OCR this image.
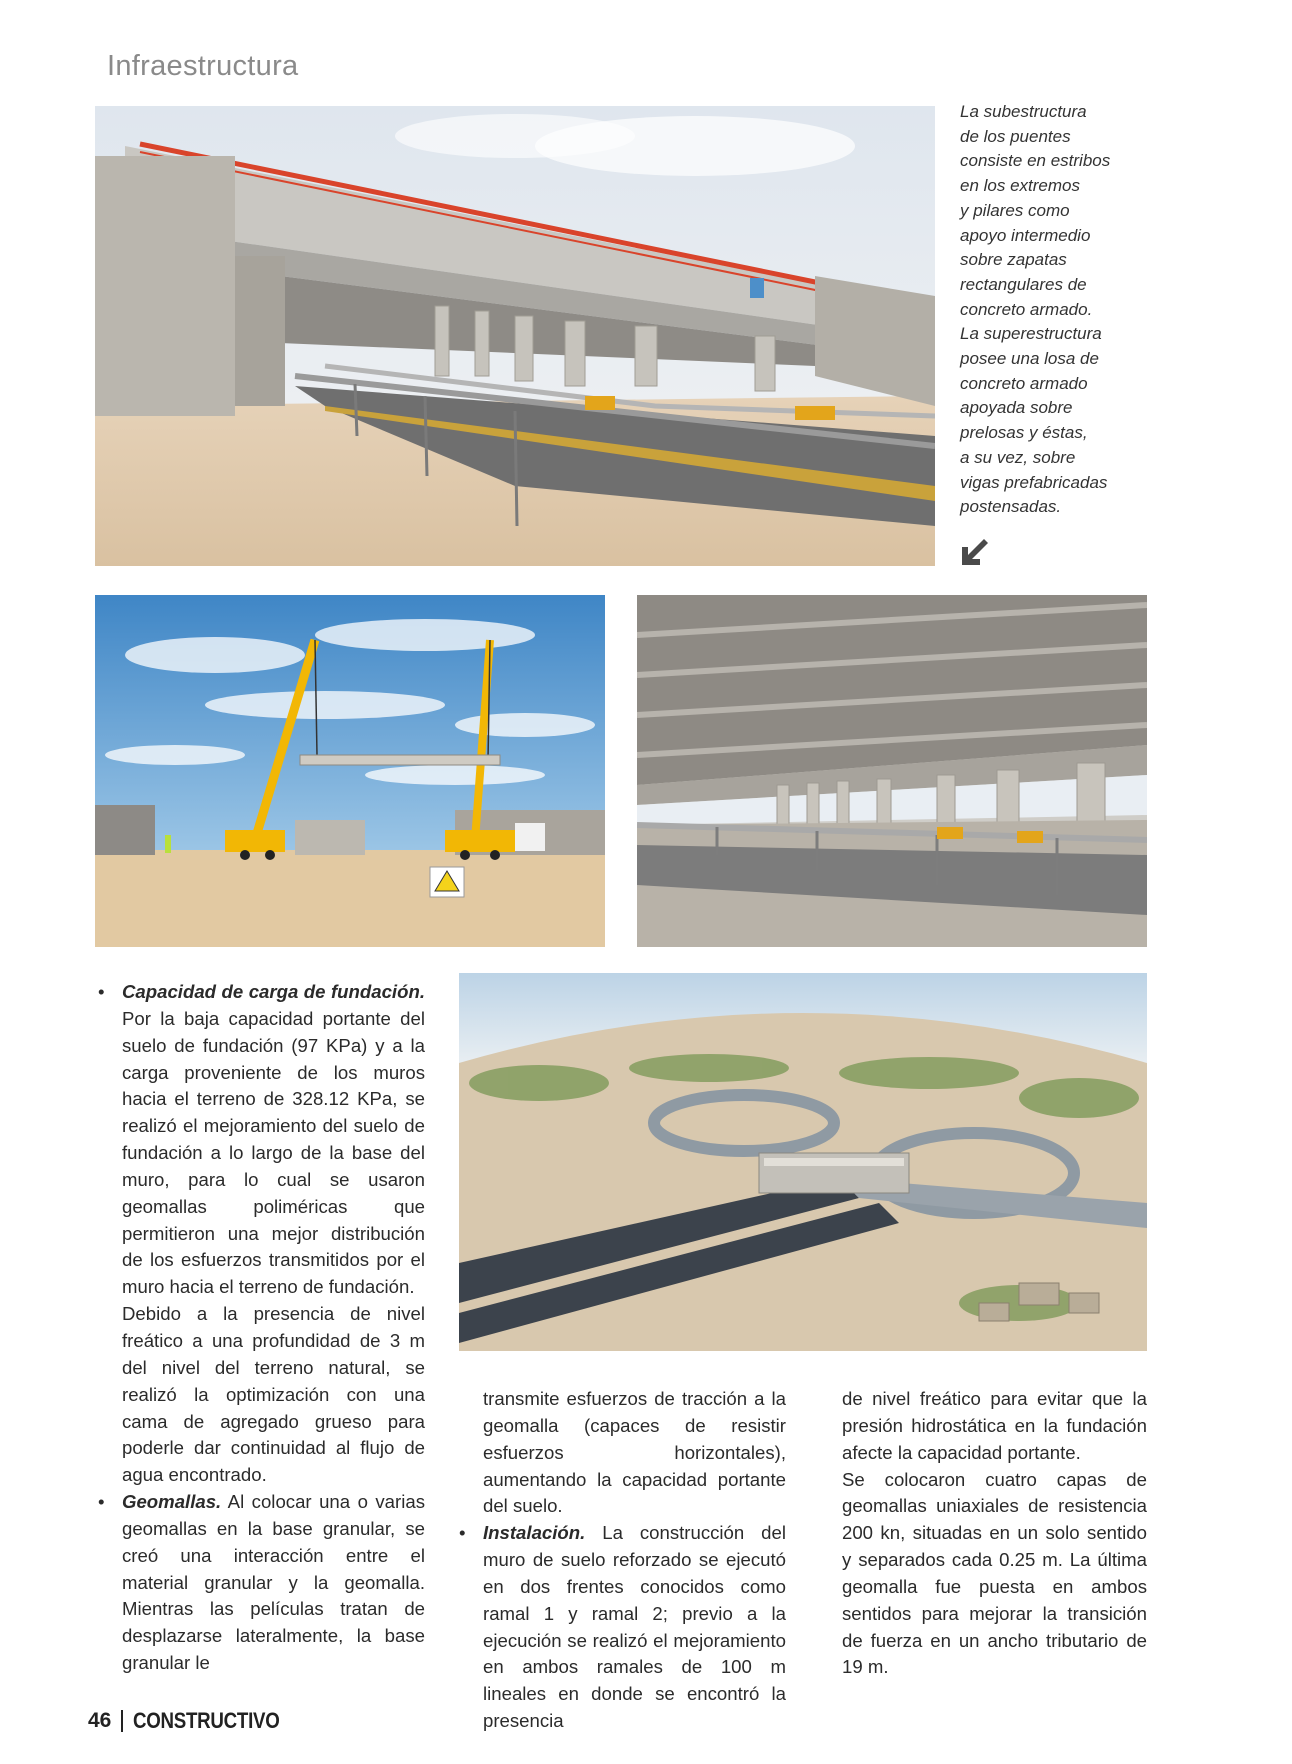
Infraestructura
La subestructura
de los puentes
consiste en estribos
en los extremos
y pilares como
apoyo intermedio
sobre zapatas
rectangulares de
concreto armado.
La superestructura
posee una losa de
concreto armado
apoyada sobre
prelosas y éstas,
a su vez, sobre
vigas prefabricadas
postensadas.

• Capacidad de carga de fundación. Por la baja capacidad portante del suelo de fundación (97 KPa) y a la carga proveniente de los muros hacia el terreno de 328.12 KPa, se realizó el mejoramiento del suelo de fundación a lo largo de la base del muro, para lo cual se usaron geomallas poliméricas que permitieron una mejor distribución de los esfuerzos transmitidos por el muro hacia el terreno de fundación.

Debido a la presencia de nivel freático a una profundidad de 3 m del nivel del terreno natural, se realizó la optimización con una cama de agregado grueso para poderle dar continuidad al flujo de agua encontrado.

• Geomallas. Al colocar una o varias geomallas en la base granular, se creó una interacción entre el material granular y la geomalla. Mientras las películas tratan de desplazarse lateralmente, la base granular le

transmite esfuerzos de tracción a la geomalla (capaces de resistir esfuerzos horizontales), aumentando la capacidad portante del suelo.

• Instalación. La construcción del muro de suelo reforzado se ejecutó en dos frentes conocidos como ramal 1 y ramal 2; previo a la ejecución se realizó el mejoramiento en ambos ramales de 100 m lineales en donde se encontró la presencia

de nivel freático para evitar que la presión hidrostática en la fundación afecte la capacidad portante.

Se colocaron cuatro capas de geomallas uniaxiales de resistencia 200 kn, situadas en un solo sentido y separados cada 0.25 m. La última geomalla fue puesta en ambos sentidos para mejorar la transición de fuerza en un ancho tributario de 19 m.

46 CONSTRUCTIVO
